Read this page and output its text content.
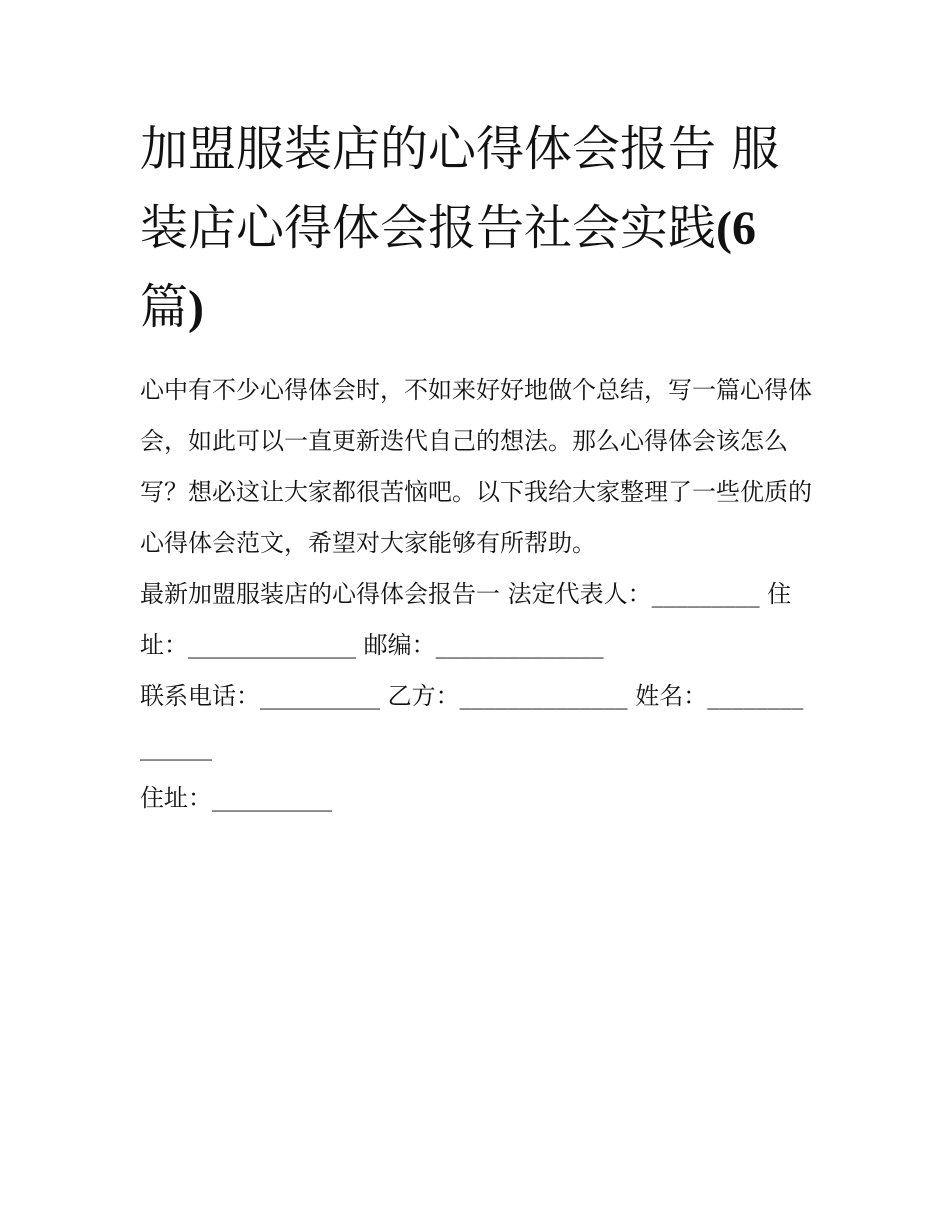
加盟服装店的心得体会报告 服装店心得体会报告社会实践(6篇)

心中有不少心得体会时，不如来好好地做个总结，写一篇心得体会，如此可以一直更新迭代自己的想法。那么心得体会该怎么写？想必这让大家都很苦恼吧。以下我给大家整理了一些优质的心得体会范文，希望对大家能够有所帮助。

最新加盟服装店的心得体会报告一 法定代表人：_________ 住址：______________ 邮编：______________

联系电话：__________ 乙方：______________ 姓名：______________

住址：__________
